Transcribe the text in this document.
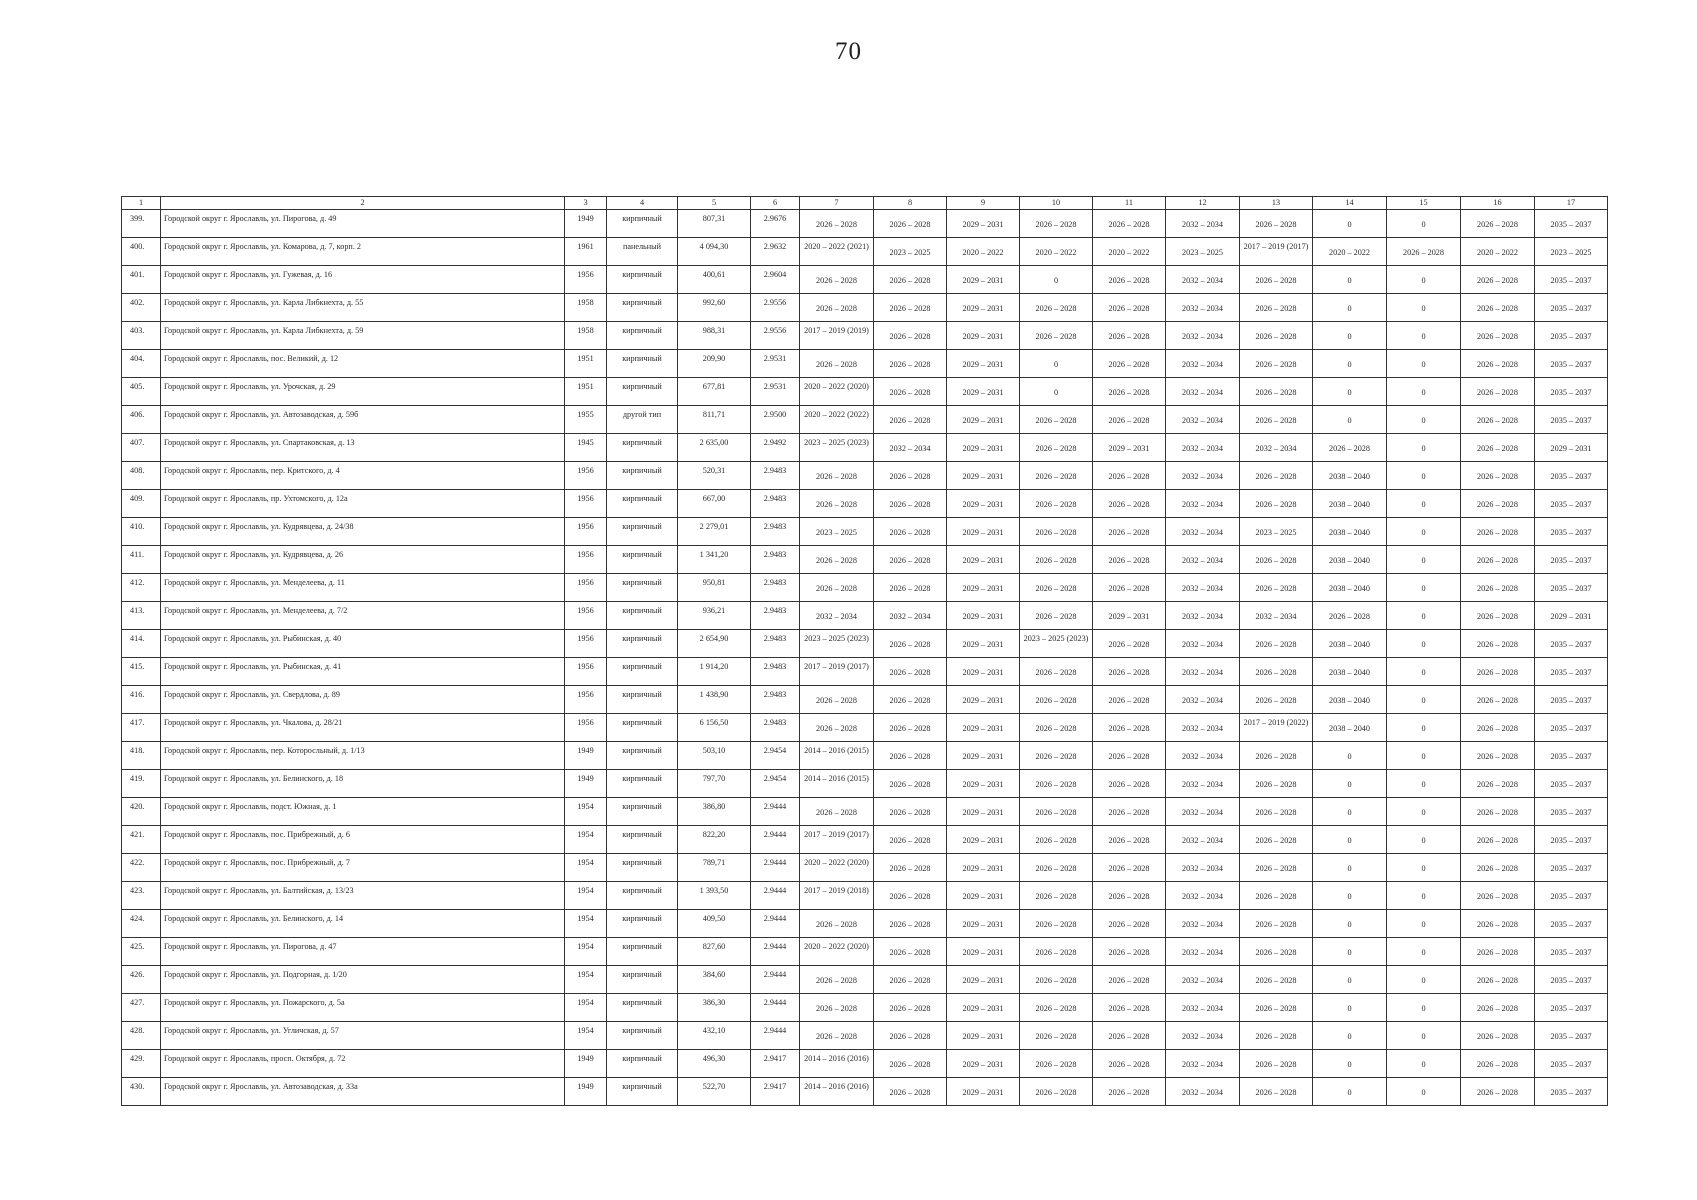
70
1	2	3	4	5	6	7	8	9	10	11	12	13	14	15	16	17
399.	Городской округ г. Ярославль, ул. Пирогова, д. 49	1949	кирпичный	807,31	2.9676	2026 – 2028	2026 – 2028	2029 – 2031	2026 – 2028	2026 – 2028	2032 – 2034	2026 – 2028	0	0	2026 – 2028	2035 – 2037
400.	Городской округ г. Ярославль, ул. Комарова, д. 7, корп. 2	1961	панельный	4 094,30	2.9632	2020 – 2022 (2021)	2023 – 2025	2020 – 2022	2020 – 2022	2020 – 2022	2023 – 2025	2017 – 2019 (2017)	2020 – 2022	2026 – 2028	2020 – 2022	2023 – 2025
401.	Городской округ г. Ярославль, ул. Гужевая, д. 16	1956	кирпичный	400,61	2.9604	2026 – 2028	2026 – 2028	2029 – 2031	0	2026 – 2028	2032 – 2034	2026 – 2028	0	0	2026 – 2028	2035 – 2037
402.	Городской округ г. Ярославль, ул. Карла Либкнехта, д. 55	1958	кирпичный	992,60	2.9556	2026 – 2028	2026 – 2028	2029 – 2031	2026 – 2028	2026 – 2028	2032 – 2034	2026 – 2028	0	0	2026 – 2028	2035 – 2037
403.	Городской округ г. Ярославль, ул. Карла Либкнехта, д. 59	1958	кирпичный	988,31	2.9556	2017 – 2019 (2019)	2026 – 2028	2029 – 2031	2026 – 2028	2026 – 2028	2032 – 2034	2026 – 2028	0	0	2026 – 2028	2035 – 2037
404.	Городской округ г. Ярославль, пос. Великий, д. 12	1951	кирпичный	209,90	2.9531	2026 – 2028	2026 – 2028	2029 – 2031	0	2026 – 2028	2032 – 2034	2026 – 2028	0	0	2026 – 2028	2035 – 2037
405.	Городской округ г. Ярославль, ул. Урочская, д. 29	1951	кирпичный	677,81	2.9531	2020 – 2022 (2020)	2026 – 2028	2029 – 2031	0	2026 – 2028	2032 – 2034	2026 – 2028	0	0	2026 – 2028	2035 – 2037
406.	Городской округ г. Ярославль, ул. Автозаводская, д. 59б	1955	другой тип	811,71	2.9500	2020 – 2022 (2022)	2026 – 2028	2029 – 2031	2026 – 2028	2026 – 2028	2032 – 2034	2026 – 2028	0	0	2026 – 2028	2035 – 2037
407.	Городской округ г. Ярославль, ул. Спартаковская, д. 13	1945	кирпичный	2 635,00	2.9492	2023 – 2025 (2023)	2032 – 2034	2029 – 2031	2026 – 2028	2029 – 2031	2032 – 2034	2032 – 2034	2026 – 2028	0	2026 – 2028	2029 – 2031
408.	Городской округ г. Ярославль, пер. Критского, д. 4	1956	кирпичный	520,31	2.9483	2026 – 2028	2026 – 2028	2029 – 2031	2026 – 2028	2026 – 2028	2032 – 2034	2026 – 2028	2038 – 2040	0	2026 – 2028	2035 – 2037
409.	Городской округ г. Ярославль, пр. Ухтомского, д. 12а	1956	кирпичный	667,00	2.9483	2026 – 2028	2026 – 2028	2029 – 2031	2026 – 2028	2026 – 2028	2032 – 2034	2026 – 2028	2038 – 2040	0	2026 – 2028	2035 – 2037
410.	Городской округ г. Ярославль, ул. Кудрявцева, д. 24/38	1956	кирпичный	2 279,01	2.9483	2023 – 2025	2026 – 2028	2029 – 2031	2026 – 2028	2026 – 2028	2032 – 2034	2023 – 2025	2038 – 2040	0	2026 – 2028	2035 – 2037
411.	Городской округ г. Ярославль, ул. Кудрявцева, д. 26	1956	кирпичный	1 341,20	2.9483	2026 – 2028	2026 – 2028	2029 – 2031	2026 – 2028	2026 – 2028	2032 – 2034	2026 – 2028	2038 – 2040	0	2026 – 2028	2035 – 2037
412.	Городской округ г. Ярославль, ул. Менделеева, д. 11	1956	кирпичный	950,81	2.9483	2026 – 2028	2026 – 2028	2029 – 2031	2026 – 2028	2026 – 2028	2032 – 2034	2026 – 2028	2038 – 2040	0	2026 – 2028	2035 – 2037
413.	Городской округ г. Ярославль, ул. Менделеева, д. 7/2	1956	кирпичный	936,21	2.9483	2032 – 2034	2032 – 2034	2029 – 2031	2026 – 2028	2029 – 2031	2032 – 2034	2032 – 2034	2026 – 2028	0	2026 – 2028	2029 – 2031
414.	Городской округ г. Ярославль, ул. Рыбинская, д. 40	1956	кирпичный	2 654,90	2.9483	2023 – 2025 (2023)	2026 – 2028	2029 – 2031	2023 – 2025 (2023)	2026 – 2028	2032 – 2034	2026 – 2028	2038 – 2040	0	2026 – 2028	2035 – 2037
415.	Городской округ г. Ярославль, ул. Рыбинская, д. 41	1956	кирпичный	1 914,20	2.9483	2017 – 2019 (2017)	2026 – 2028	2029 – 2031	2026 – 2028	2026 – 2028	2032 – 2034	2026 – 2028	2038 – 2040	0	2026 – 2028	2035 – 2037
416.	Городской округ г. Ярославль, ул. Свердлова, д. 89	1956	кирпичный	1 438,90	2.9483	2026 – 2028	2026 – 2028	2029 – 2031	2026 – 2028	2026 – 2028	2032 – 2034	2026 – 2028	2038 – 2040	0	2026 – 2028	2035 – 2037
417.	Городской округ г. Ярославль, ул. Чкалова, д. 28/21	1956	кирпичный	6 156,50	2.9483	2026 – 2028	2026 – 2028	2029 – 2031	2026 – 2028	2026 – 2028	2032 – 2034	2017 – 2019 (2022)	2038 – 2040	0	2026 – 2028	2035 – 2037
418.	Городской округ г. Ярославль, пер. Которосльный, д. 1/13	1949	кирпичный	503,10	2.9454	2014 – 2016 (2015)	2026 – 2028	2029 – 2031	2026 – 2028	2026 – 2028	2032 – 2034	2026 – 2028	0	0	2026 – 2028	2035 – 2037
419.	Городской округ г. Ярославль, ул. Белинского, д. 18	1949	кирпичный	797,70	2.9454	2014 – 2016 (2015)	2026 – 2028	2029 – 2031	2026 – 2028	2026 – 2028	2032 – 2034	2026 – 2028	0	0	2026 – 2028	2035 – 2037
420.	Городской округ г. Ярославль, подст. Южная, д. 1	1954	кирпичный	386,80	2.9444	2026 – 2028	2026 – 2028	2029 – 2031	2026 – 2028	2026 – 2028	2032 – 2034	2026 – 2028	0	0	2026 – 2028	2035 – 2037
421.	Городской округ г. Ярославль, пос. Прибрежный, д. 6	1954	кирпичный	822,20	2.9444	2017 – 2019 (2017)	2026 – 2028	2029 – 2031	2026 – 2028	2026 – 2028	2032 – 2034	2026 – 2028	0	0	2026 – 2028	2035 – 2037
422.	Городской округ г. Ярославль, пос. Прибрежный, д. 7	1954	кирпичный	789,71	2.9444	2020 – 2022 (2020)	2026 – 2028	2029 – 2031	2026 – 2028	2026 – 2028	2032 – 2034	2026 – 2028	0	0	2026 – 2028	2035 – 2037
423.	Городской округ г. Ярославль, ул. Балтийская, д. 13/23	1954	кирпичный	1 393,50	2.9444	2017 – 2019 (2018)	2026 – 2028	2029 – 2031	2026 – 2028	2026 – 2028	2032 – 2034	2026 – 2028	0	0	2026 – 2028	2035 – 2037
424.	Городской округ г. Ярославль, ул. Белинского, д. 14	1954	кирпичный	409,50	2.9444	2026 – 2028	2026 – 2028	2029 – 2031	2026 – 2028	2026 – 2028	2032 – 2034	2026 – 2028	0	0	2026 – 2028	2035 – 2037
425.	Городской округ г. Ярославль, ул. Пирогова, д. 47	1954	кирпичный	827,60	2.9444	2020 – 2022 (2020)	2026 – 2028	2029 – 2031	2026 – 2028	2026 – 2028	2032 – 2034	2026 – 2028	0	0	2026 – 2028	2035 – 2037
426.	Городской округ г. Ярославль, ул. Подгорная, д. 1/20	1954	кирпичный	384,60	2.9444	2026 – 2028	2026 – 2028	2029 – 2031	2026 – 2028	2026 – 2028	2032 – 2034	2026 – 2028	0	0	2026 – 2028	2035 – 2037
427.	Городской округ г. Ярославль, ул. Пожарского, д. 5а	1954	кирпичный	386,30	2.9444	2026 – 2028	2026 – 2028	2029 – 2031	2026 – 2028	2026 – 2028	2032 – 2034	2026 – 2028	0	0	2026 – 2028	2035 – 2037
428.	Городской округ г. Ярославль, ул. Угличская, д. 57	1954	кирпичный	432,10	2.9444	2026 – 2028	2026 – 2028	2029 – 2031	2026 – 2028	2026 – 2028	2032 – 2034	2026 – 2028	0	0	2026 – 2028	2035 – 2037
429.	Городской округ г. Ярославль, просп. Октября, д. 72	1949	кирпичный	496,30	2.9417	2014 – 2016 (2016)	2026 – 2028	2029 – 2031	2026 – 2028	2026 – 2028	2032 – 2034	2026 – 2028	0	0	2026 – 2028	2035 – 2037
430.	Городской округ г. Ярославль, ул. Автозаводская, д. 33а	1949	кирпичный	522,70	2.9417	2014 – 2016 (2016)	2026 – 2028	2029 – 2031	2026 – 2028	2026 – 2028	2032 – 2034	2026 – 2028	0	0	2026 – 2028	2035 – 2037
